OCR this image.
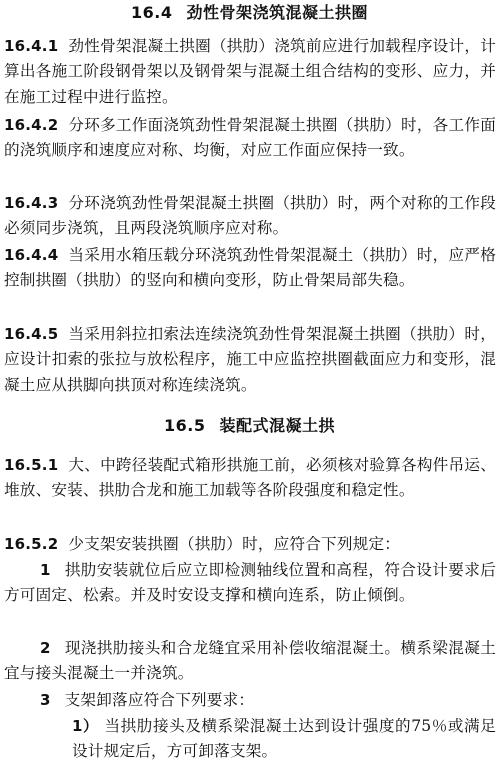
16.4 劲性骨架浇筑混凝土拱圈
16.4.1 劲性骨架混凝土拱圈（拱肋）浇筑前应进行加载程序设计，计算出各施工阶段钢骨架以及钢骨架与混凝土组合结构的变形、应力，并在施工过程中进行监控。
16.4.2 分环多工作面浇筑劲性骨架混凝土拱圈（拱肋）时，各工作面的浇筑顺序和速度应对称、均衡，对应工作面应保持一致。
16.4.3 分环浇筑劲性骨架混凝土拱圈（拱肋）时，两个对称的工作段必须同步浇筑，且两段浇筑顺序应对称。
16.4.4 当采用水箱压载分环浇筑劲性骨架混凝土（拱肋）时，应严格控制拱圈（拱肋）的竖向和横向变形，防止骨架局部失稳。
16.4.5 当采用斜拉扣索法连续浇筑劲性骨架混凝土拱圈（拱肋）时，应设计扣索的张拉与放松程序，施工中应监控拱圈截面应力和变形，混凝土应从拱脚向拱顶对称连续浇筑。
16.5 装配式混凝土拱
16.5.1 大、中跨径装配式箱形拱施工前，必须核对验算各构件吊运、堆放、安装、拱肋合龙和施工加载等各阶段强度和稳定性。
16.5.2 少支架安装拱圈（拱肋）时，应符合下列规定：
1 拱肋安装就位后应立即检测轴线位置和高程，符合设计要求后方可固定、松索。并及时安设支撑和横向连系，防止倾倒。
2 现浇拱肋接头和合龙缝宜采用补偿收缩混凝土。横系梁混凝土宜与接头混凝土一并浇筑。
3 支架卸落应符合下列要求：
1） 当拱肋接头及横系梁混凝土达到设计强度的75％或满足设计规定后，方可卸落支架。
